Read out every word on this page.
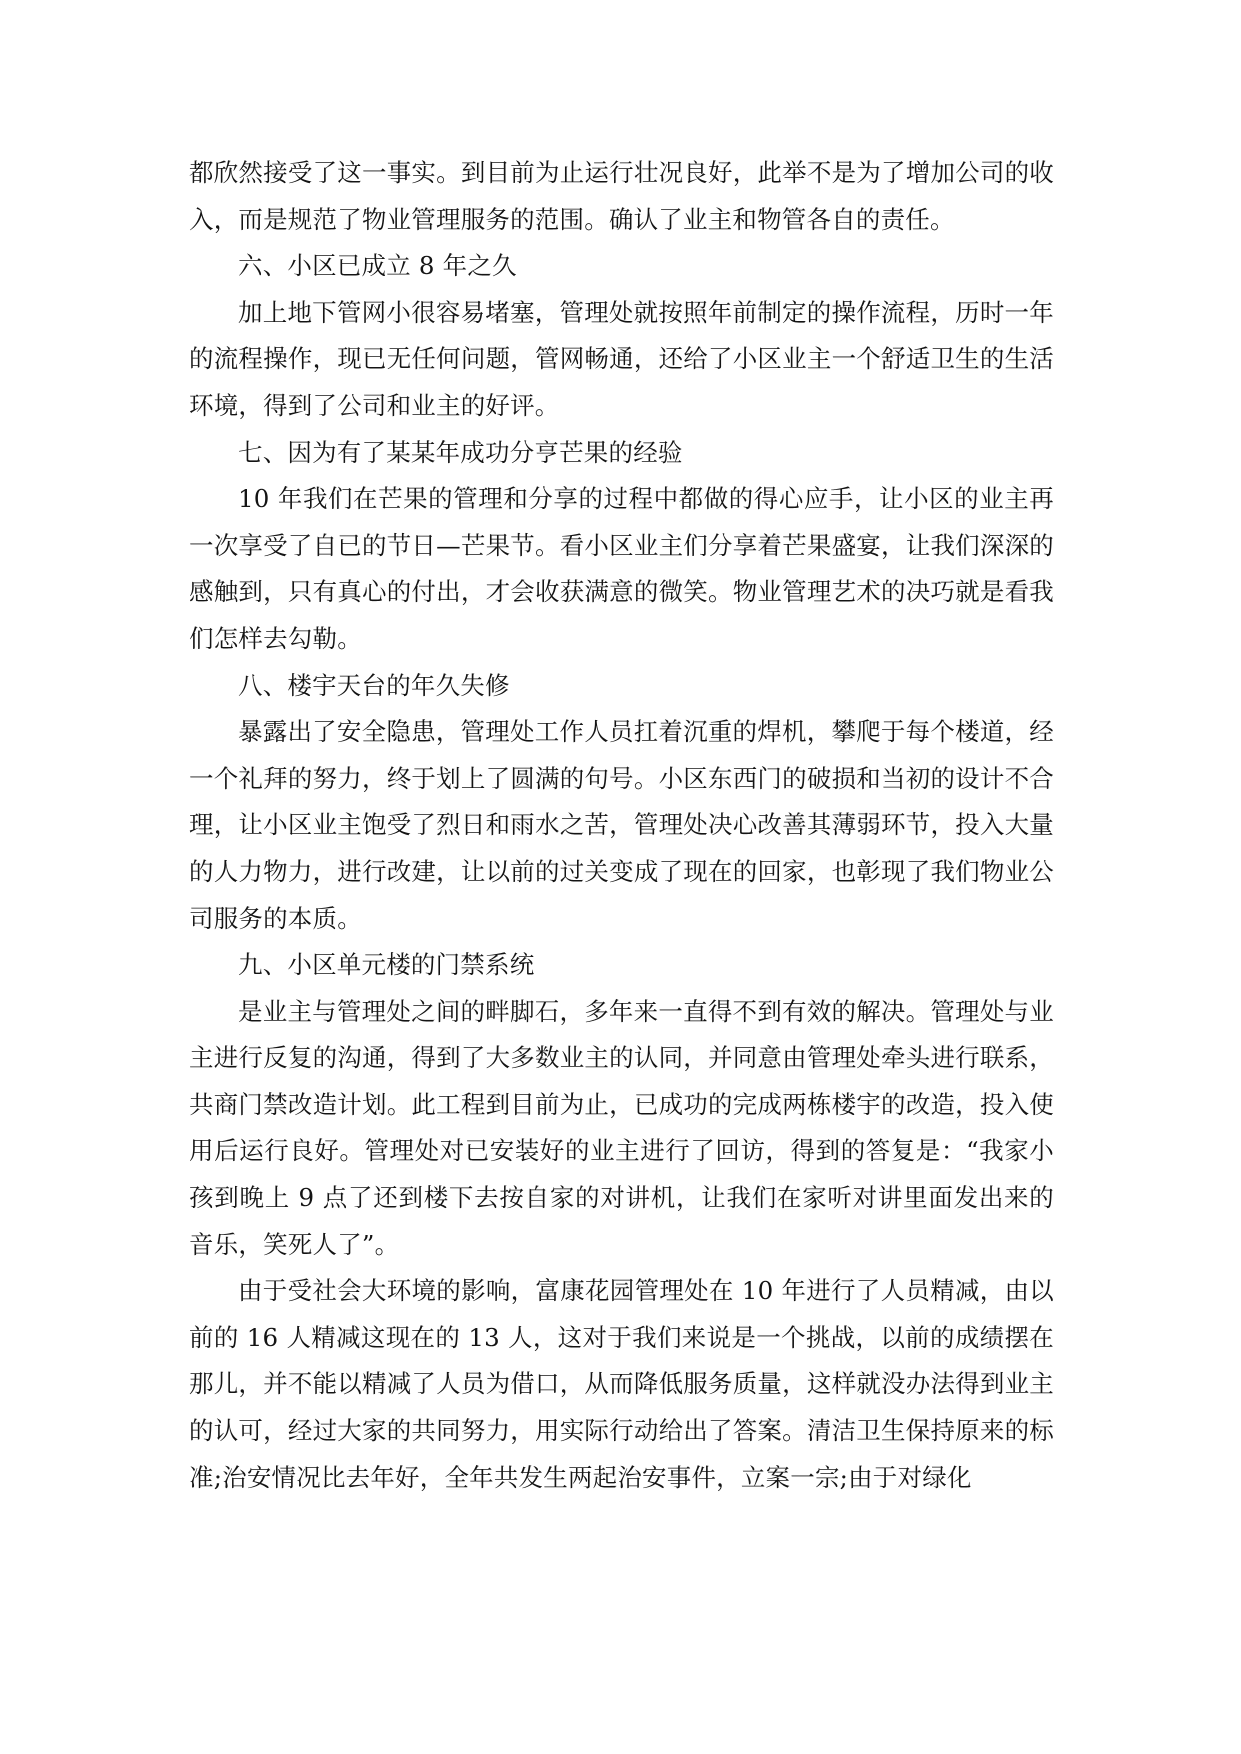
都欣然接受了这一事实。到目前为止运行壮况良好，此举不是为了增加公司的收入，而是规范了物业管理服务的范围。确认了业主和物管各自的责任。

六、小区已成立 8 年之久

加上地下管网小很容易堵塞，管理处就按照年前制定的操作流程，历时一年的流程操作，现已无任何问题，管网畅通，还给了小区业主一个舒适卫生的生活环境，得到了公司和业主的好评。

七、因为有了某某年成功分亨芒果的经验

10 年我们在芒果的管理和分享的过程中都做的得心应手，让小区的业主再一次享受了自已的节日—芒果节。看小区业主们分享着芒果盛宴，让我们深深的感触到，只有真心的付出，才会收获满意的微笑。物业管理艺术的决巧就是看我们怎样去勾勒。

八、楼宇天台的年久失修

暴露出了安全隐患，管理处工作人员扛着沉重的焊机，攀爬于每个楼道，经一个礼拜的努力，终于划上了圆满的句号。小区东西门的破损和当初的设计不合理，让小区业主饱受了烈日和雨水之苦，管理处决心改善其薄弱环节，投入大量的人力物力，进行改建，让以前的过关变成了现在的回家，也彰现了我们物业公司服务的本质。

九、小区单元楼的门禁系统

是业主与管理处之间的畔脚石，多年来一直得不到有效的解决。管理处与业主进行反复的沟通，得到了大多数业主的认同，并同意由管理处牵头进行联系，共商门禁改造计划。此工程到目前为止，已成功的完成两栋楼宇的改造，投入使用后运行良好。管理处对已安装好的业主进行了回访，得到的答复是：“我家小孩到晚上 9 点了还到楼下去按自家的对讲机，让我们在家听对讲里面发出来的音乐，笑死人了”。

由于受社会大环境的影响，富康花园管理处在 10 年进行了人员精减，由以前的 16 人精减这现在的 13 人，这对于我们来说是一个挑战，以前的成绩摆在那儿，并不能以精减了人员为借口，从而降低服务质量，这样就没办法得到业主的认可，经过大家的共同努力，用实际行动给出了答案。清洁卫生保持原来的标准;治安情况比去年好，全年共发生两起治安事件，立案一宗;由于对绿化
